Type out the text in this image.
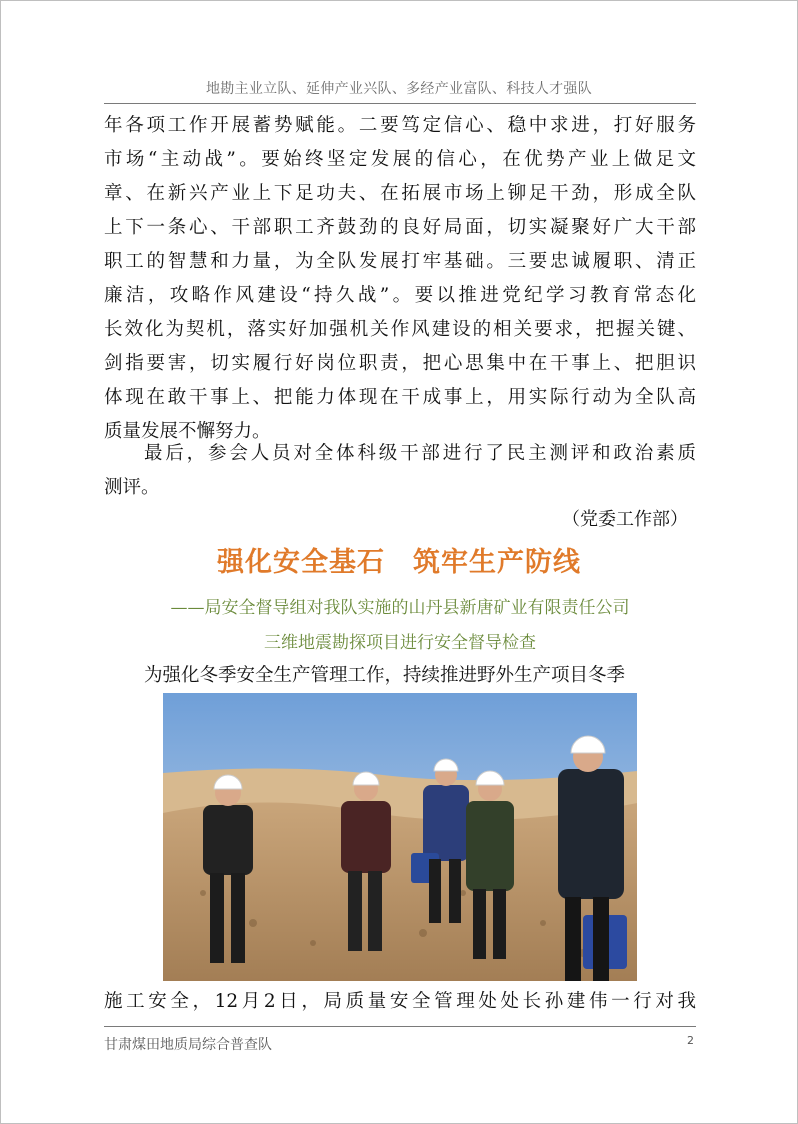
地勘主业立队、延伸产业兴队、多经产业富队、科技人才强队
年各项工作开展蓄势赋能。二要笃定信心、稳中求进，打好服务
市场“主动战”。要始终坚定发展的信心，在优势产业上做足文
章、在新兴产业上下足功夫、在拓展市场上铆足干劲，形成全队
上下一条心、干部职工齐鼓劲的良好局面，切实凝聚好广大干部
职工的智慧和力量，为全队发展打牢基础。三要忠诚履职、清正
廉洁，攻略作风建设“持久战”。要以推进党纪学习教育常态化
长效化为契机，落实好加强机关作风建设的相关要求，把握关键、
剑指要害，切实履行好岗位职责，把心思集中在干事上、把胆识
体现在敢干事上、把能力体现在干成事上，用实际行动为全队高
质量发展不懈努力。
最后，参会人员对全体科级干部进行了民主测评和政治素质
测评。
（党委工作部）
强化安全基石　筑牢生产防线
——局安全督导组对我队实施的山丹县新唐矿业有限责任公司
三维地震勘探项目进行安全督导检查
为强化冬季安全生产管理工作，持续推进野外生产项目冬季
施工安全，12月2日，局质量安全管理处处长孙建伟一行对我
甘肃煤田地质局综合普查队	2
